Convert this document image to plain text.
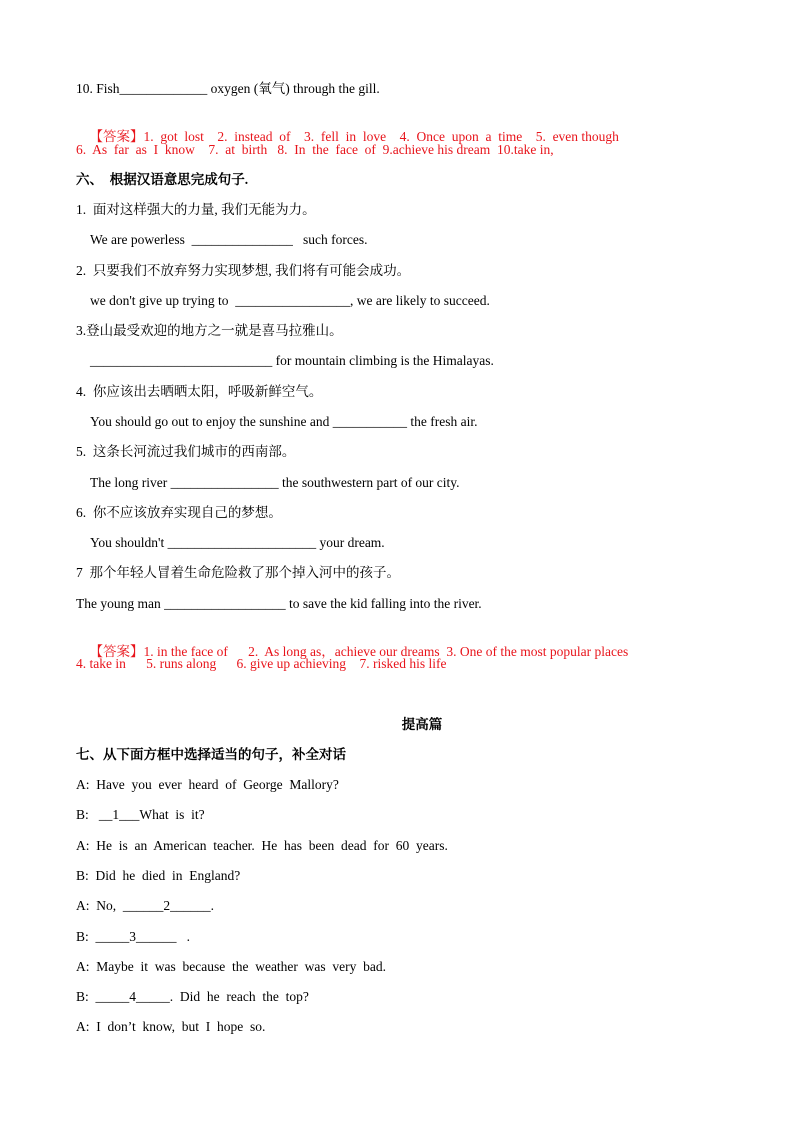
10. Fish_____________ oxygen (氧气) through the gill.

【答案】1.  got  lost    2.  instead  of    3.  fell  in  love    4.  Once  upon  a  time    5.  even though

6.  As  far  as  I  know    7.  at  birth   8.  In  the  face  of  9.achieve his dream  10.take in,
六、  根据汉语意思完成句子.
1.  面对这样强大的力量, 我们无能为力。
We are powerless  _______________   such forces.
2.  只要我们不放弃努力实现梦想, 我们将有可能会成功。
we don't give up trying to  _________________, we are likely to succeed.
3.登山最受欢迎的地方之一就是喜马拉雅山。
___________________________ for mountain climbing is the Himalayas.
4.  你应该出去晒晒太阳，呼吸新鲜空气。
You should go out to enjoy the sunshine and ___________ the fresh air.
5.  这条长河流过我们城市的西南部。
The long river ________________ the southwestern part of our city.
6.  你不应该放弃实现自己的梦想。
You shouldn't ______________________ your dream.
7  那个年轻人冒着生命危险救了那个掉入河中的孩子。
The young man __________________ to save the kid falling into the river.

【答案】1. in the face of      2.  As long as，achieve our dreams  3. One of the most popular places

4. take in      5. runs along      6. give up achieving    7. risked his life
提高篇
七、从下面方框中选择适当的句子，补全对话
A:  Have  you  ever  heard  of  George  Mallory?
B:   __1___What  is  it?
A:  He  is  an  American  teacher.  He  has  been  dead  for  60  years.
B:  Did  he  died  in  England?
A:  No,  ______2______.
B:  _____3______   .
A:  Maybe  it  was  because  the  weather  was  very  bad.
B:  _____4_____.  Did  he  reach  the  top?
A:  I  don’t  know,  but  I  hope  so.
